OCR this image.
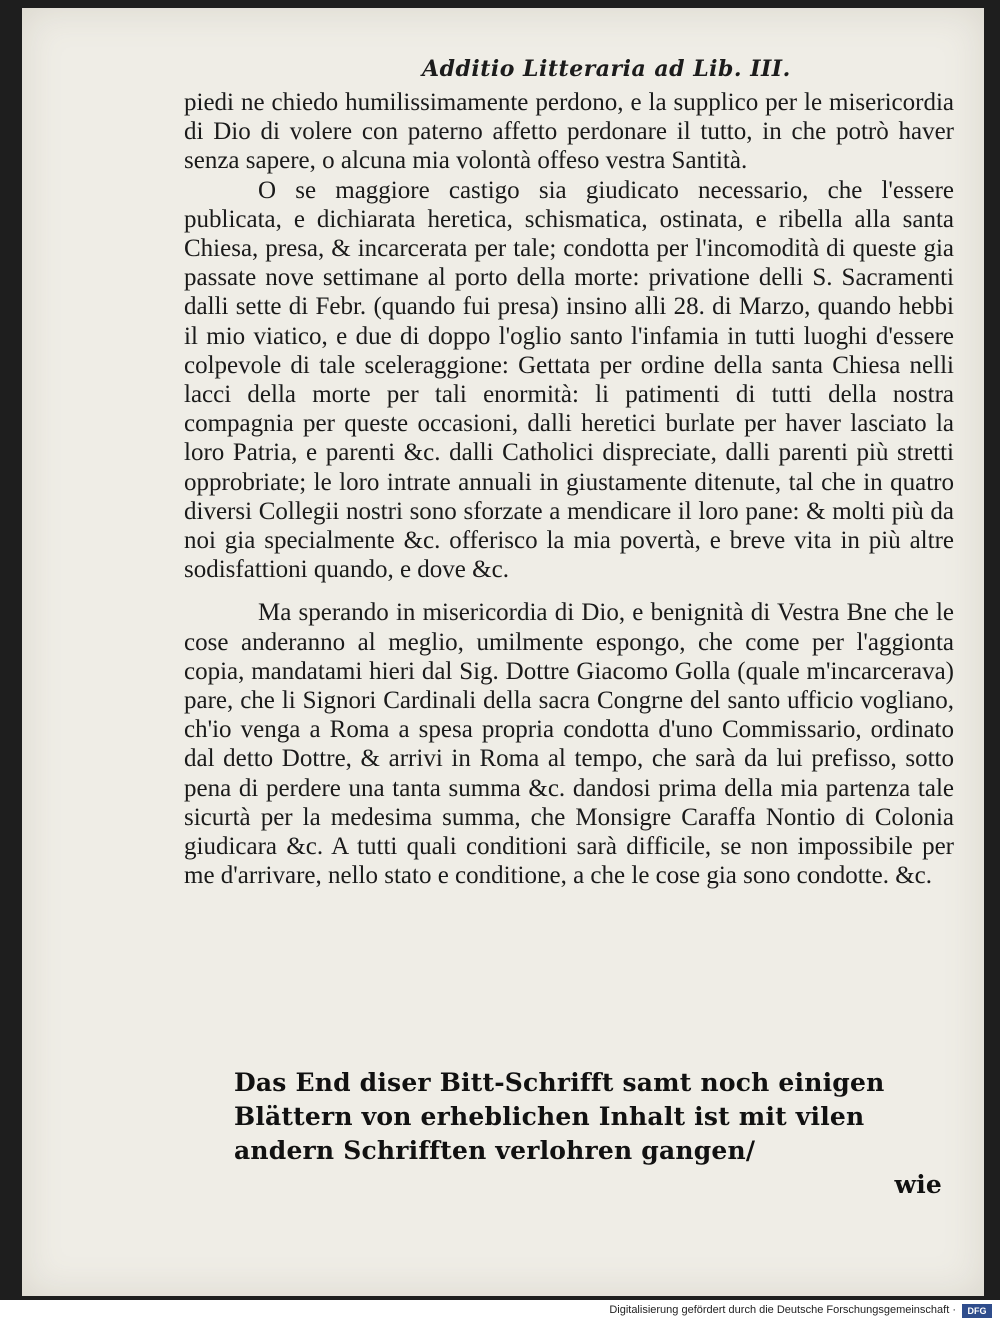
Additio Litteraria ad Lib. III.

piedi ne chiedo humilissimamente perdono, e la supplico per le misericordia di Dio di volere con paterno affetto perdonare il tutto, in che potrò haver senza sapere, o alcuna mia volontà offeso vestra Santità.

O se maggiore castigo sia giudicato necessario, che l'essere publicata, e dichiarata heretica, schismatica, ostinata, e ribella alla santa Chiesa, presa, & incarcerata per tale; condotta per l'incomodità di queste gia passate nove settimane al porto della morte: privatione delli S. Sacramenti dalli sette di Febr. (quando fui presa) insino alli 28. di Marzo, quando hebbi il mio viatico, e due di doppo l'oglio santo l'infamia in tutti luoghi d'essere colpevole di tale sceleraggione: Gettata per ordine della santa Chiesa nelli lacci della morte per tali enormità: li patimenti di tutti della nostra compagnia per queste occasioni, dalli heretici burlate per haver lasciato la loro Patria, e parenti &c. dalli Catholici dispreciate, dalli parenti più stretti opprobriate; le loro intrate annuali in giustamente ditenute, tal che in quatro diversi Collegii nostri sono sforzate a mendicare il loro pane: & molti più da noi gia specialmente &c. offerisco la mia povertà, e breve vita in più altre sodisfattioni quando, e dove &c.

Ma sperando in misericordia di Dio, e benignità di Vestra Bne che le cose anderanno al meglio, umilmente espongo, che come per l'aggionta copia, mandatami hieri dal Sig. Dottre Giacomo Golla (quale m'incarcerava) pare, che li Signori Cardinali della sacra Congrne del santo ufficio vogliano, ch'io venga a Roma a spesa propria condotta d'uno Commissario, ordinato dal detto Dottre, & arrivi in Roma al tempo, che sarà da lui prefisso, sotto pena di perdere una tanta summa &c. dandosi prima della mia partenza tale sicurtà per la medesima summa, che Monsigre Caraffa Nontio di Colonia giudicara &c. A tutti quali conditioni sarà difficile, se non impossibile per me d'arrivare, nello stato e conditione, a che le cose gia sono condotte. &c.

Das End diser Bitt-Schrifft samt noch einigen Blättern von erheblichen Inhalt ist mit vilen andern Schrifften verlohren gangen/
wie
Digitalisierung gefördert durch die Deutsche Forschungsgemeinschaft ·	DFG
